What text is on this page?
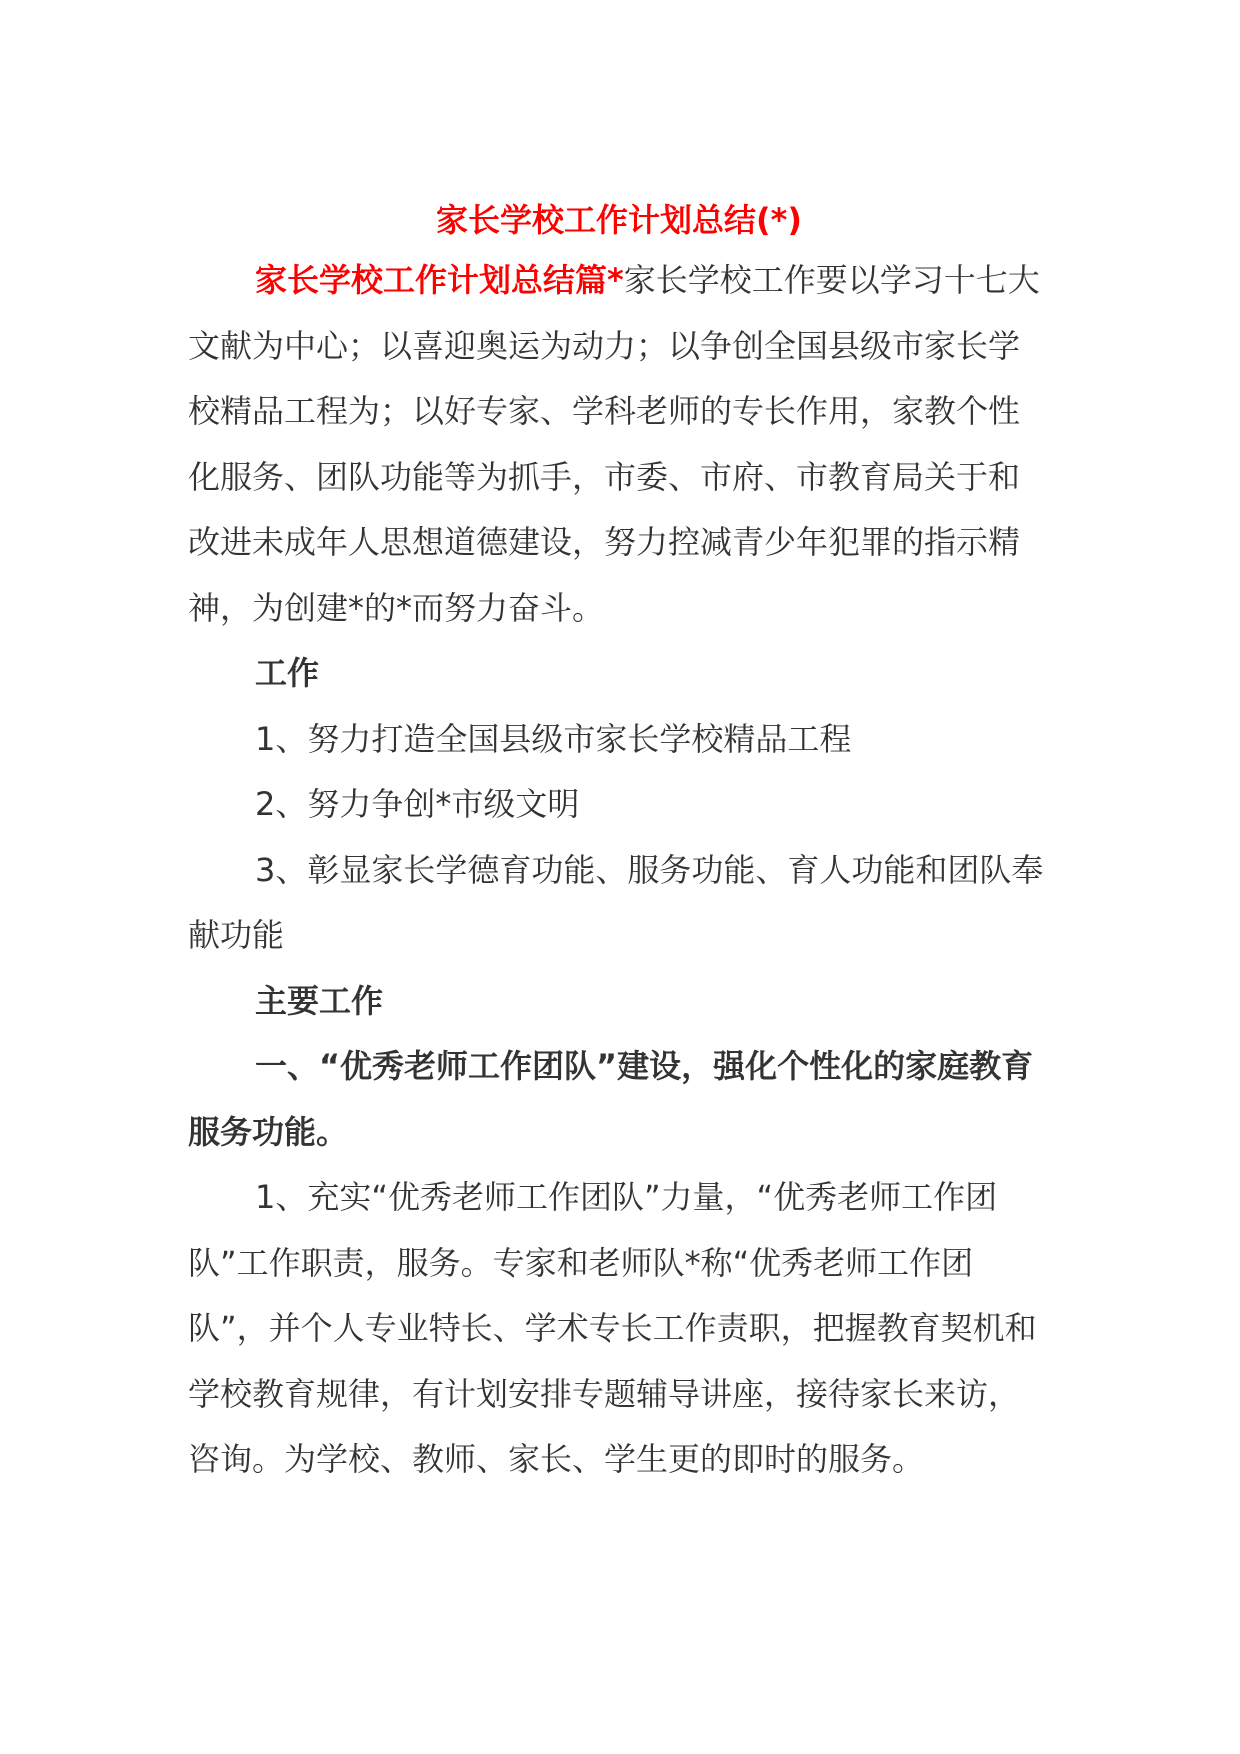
家长学校工作计划总结(*)

家长学校工作计划总结篇*家长学校工作要以学习十七大文献为中心；以喜迎奥运为动力；以争创全国县级市家长学校精品工程为；以好专家、学科老师的专长作用，家教个性化服务、团队功能等为抓手，市委、市府、市教育局关于和改进未成年人思想道德建设，努力控减青少年犯罪的指示精神，为创建*的*而努力奋斗。

工作

1、努力打造全国县级市家长学校精品工程

2、努力争创*市级文明

3、彰显家长学德育功能、服务功能、育人功能和团队奉献功能

主要工作

一、“优秀老师工作团队”建设，强化个性化的家庭教育服务功能。

1、充实“优秀老师工作团队”力量，“优秀老师工作团队”工作职责，服务。专家和老师队*称“优秀老师工作团队”，并个人专业特长、学术专长工作责职，把握教育契机和学校教育规律，有计划安排专题辅导讲座，接待家长来访，咨询。为学校、教师、家长、学生更的即时的服务。
